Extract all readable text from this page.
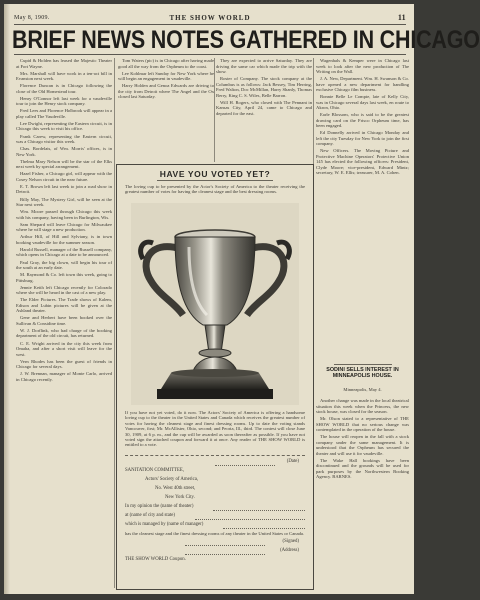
May 8, 1909.	THE SHOW WORLD	11
BRIEF NEWS NOTES GATHERED IN CHICAGO

Cupid & Holden has leased the Majestic Theater at Fort Wayne.

Mrs. Marshall will have work in a ten-act bill in Evanston next week.

Florence Duncan is in Chicago following the close of the Old Homestead tour.

Henry O'Connor left last week for a vaudeville tour to join the Henry stock company.

Fred Lees and Florence Holbrook will appear in a play called The Vaudeville.

Lee Dwight, representing the Eastern circuit, is in Chicago this week to visit his office.

Frank Carew, representing the Eastern circuit, was a Chicago visitor this week.

Chas. Bordelais, of Wm. Morris' offices, is in New York.

Thelma Mary Nelson will be the star of the Elks next week by special arrangement.

Hazel Fisher, a Chicago girl, will appear with the Cosey Nelson circuit in the near future.

E. T. Brown left last week to join a road show in Detroit.

Billy May, The Mystery Girl, will be seen at the Star next week.

Wm. Moore passed through Chicago this week with his company, having been in Burlington, Wis.

Sam Shepard will leave Chicago for Milwaukee where he will stage a new production.

Arthur Hill, of Hill and Sylviany, is in town booking vaudeville for the summer season.

Harold Russell, manager of the Russell company, which opens in Chicago at a date to be announced.

Paul Gray, the big clown, will begin his tour of the south at an early date.

M. Raymond & Co. left town this week, going to Pittsburg.

Jennie Keith left Chicago recently for Colorado where she will be heard in the cast of a new play.

The Elder Pictures. The Trade shows of Kalem, Edison and Lubin pictures will be given at the Ashland theater.

Gene and Herbert have been booked over the Sullivan & Considine time.

W. J. Dorflink, who had charge of the booking department of the old circuit, has returned.

C. E. Wright arrived in the city this week from Omaha, and after a short visit will leave for the west.

Vern Rhodes has been the guest of friends in Chicago for several days.

J. W. Brennan, manager of Monte Carlo, arrived in Chicago recently.

Tom Waters (pic) is in Chicago after having made good all the way from the Orpheum to the coast.

Lee Kohlmar left Sunday for New York where he will begin an engagement in vaudeville.

Harry Holden and Genoa Edwards are driving to the city from Detroit where The Angel and the Ox closed last Saturday.

They are expected to arrive Saturday. They are driving the same car which made the trip with the show.

Roster of Company. The stock company at the Columbus is as follows: Jack Bessey, Tim Herring, Fred Walton, Doc McMillan, Harry Shanly, Thomas Berry, King C. S. Wiles, Belle Barron.

Will H. Rogers, who closed with The Pennant in Kansas City, April 24, came to Chicago and departed for the east.

Wagenhals & Kemper were in Chicago last week to look after the new production of The Writing on the Wall.

J. A. New, Department. Wm. H. Swanson & Co. have opened a new department for handling exclusive Chicago film business.

Bonnie Belle Le Compte, late of Kelly City, was in Chicago several days last week, en route to Akron, Ohio.

Earle Blossom, who is said to be the greatest drawing card on the Frisco Orpheum time, has been engaged.

Ed Donnelly arrived in Chicago Monday and left the city Tuesday for New York to join the first company.

New Officers. The Moving Picture and Protective Machine Operators' Protective Union 145 has elected the following officers: President, Clyde Moore; vice-president, Edward Mintz; secretary, W. E. Ellis; treasurer, M. A. Cohen.

SODINI SELLS INTEREST IN MINNEAPOLIS HOUSE.
Minneapolis, May 4.

Another change was made in the local theatrical situation this week when the Princess, the new stock house, was closed for the season.

Mr. Olson stated to a representative of THE SHOW WORLD that no serious change was contemplated in the operation of the house.

The house will reopen in the fall with a stock company under the same management. It is understood that the Orpheum has secured the theater and will use it for vaudeville.

The Wake Hall bookings have been discontinued and the grounds will be used for park purposes by the Northwestern Booking Agency. BARNES.

HAVE YOU VOTED YET?
The loving cup to be presented by the Actor's Society of America to the theater receiving the greatest number of votes for having the cleanest stage and the best dressing rooms.
If you have not yet voted, do it now. The Actors' Society of America is offering a handsome loving cup to the theater in the United States and Canada which receives the greatest number of votes for having the cleanest stage and finest dressing rooms. Up to date the voting stands Vancouver, first; Mr. McAllister, Ohio, second; and Peoria, Ill., third. The contest will close June 30, 1909, at 6 p. m., and the cup will be awarded as soon thereafter as possible. If you have not voted sign the attached coupon and forward it at once. Any reader of THE SHOW WORLD is entitled to a vote.
(Date)
SANITATION COMMITTEE,
Actors' Society of America,
No. West 40th street,
New York City.
In my opinion the (name of theater)
at (name of city and state)
which is managed by (name of manager)
has the cleanest stage and the finest dressing rooms of any theater in the United States or Canada.
(Signed)
(Address)
THE SHOW WORLD Coupon.
